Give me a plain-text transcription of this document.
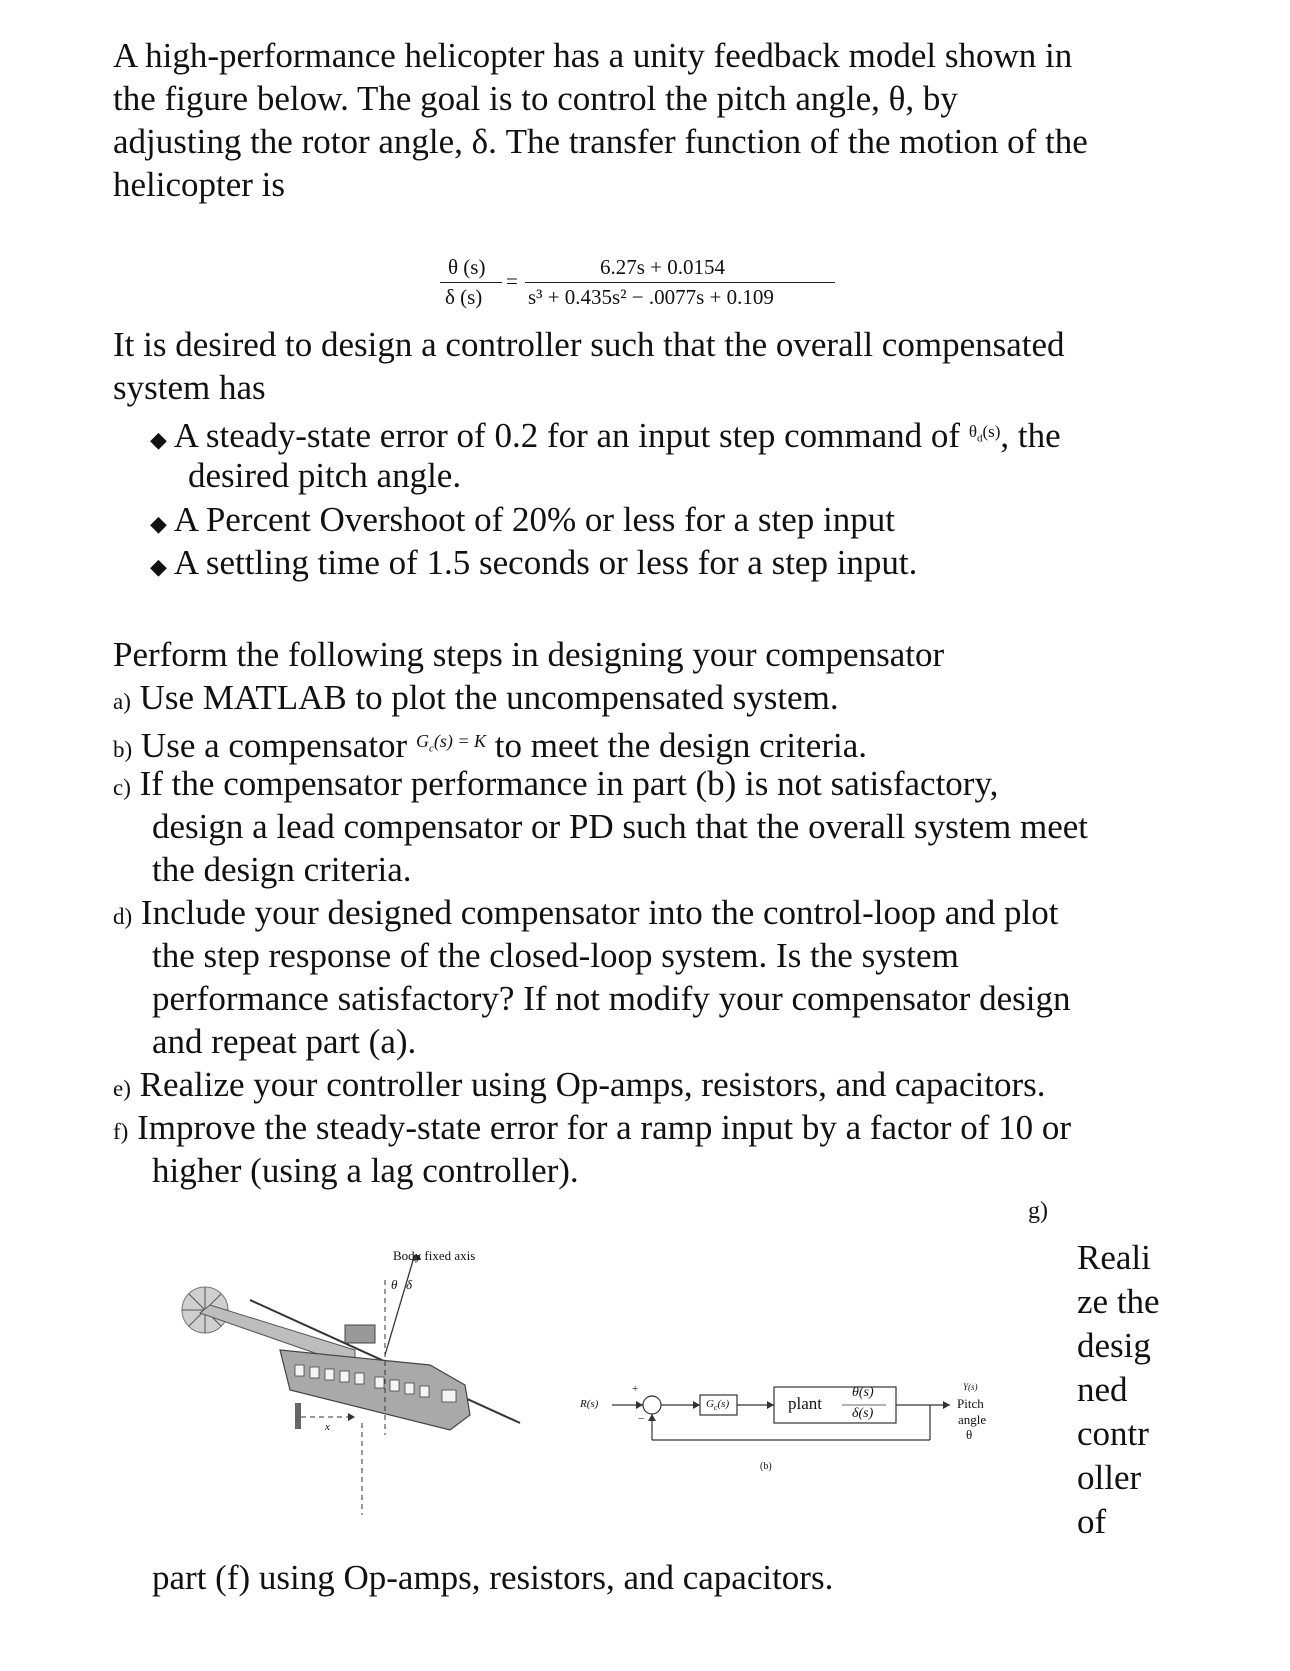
A high-performance helicopter has a unity feedback model shown in
the figure below. The goal is to control the pitch angle, θ, by
adjusting the rotor angle, δ. The transfer function of the motion of the
helicopter is
θ (s)
δ (s)
=
6.27s + 0.0154
s³ + 0.435s² − .0077s + 0.109
It is desired to design a controller such that the overall compensated
system has
◆ A steady-state error of 0.2 for an input step command of $^{\theta_d(s)}$, the
desired pitch angle.
◆ A Percent Overshoot of 20% or less for a step input
◆ A settling time of 1.5 seconds or less for a step input.
Perform the following steps in designing your compensator
a) Use MATLAB to plot the uncompensated system.
b) Use a compensator $^{G_c(s) = K}$ to meet the design criteria.
c) If the compensator performance in part (b) is not satisfactory,
design a lead compensator or PD such that the overall system meet
the design criteria.
d) Include your designed compensator into the control-loop and plot
the step response of the closed-loop system. Is the system
performance satisfactory? If not modify your compensator design
and repeat part (a).
e) Realize your controller using Op-amps, resistors, and capacitors.
f) Improve the steady-state error for a ramp input by a factor of 10 or
higher (using a lag controller).
g)
Reali
ze the
desig
ned
contr
oller
of
part (f) using Op-amps, resistors, and capacitors.
Body fixed axis
θ δ
x
R(s)
+
−
$G_c(s)$	plant
θ(s)
δ(s)
Y(s)
Pitch
angle
θ
(b)
